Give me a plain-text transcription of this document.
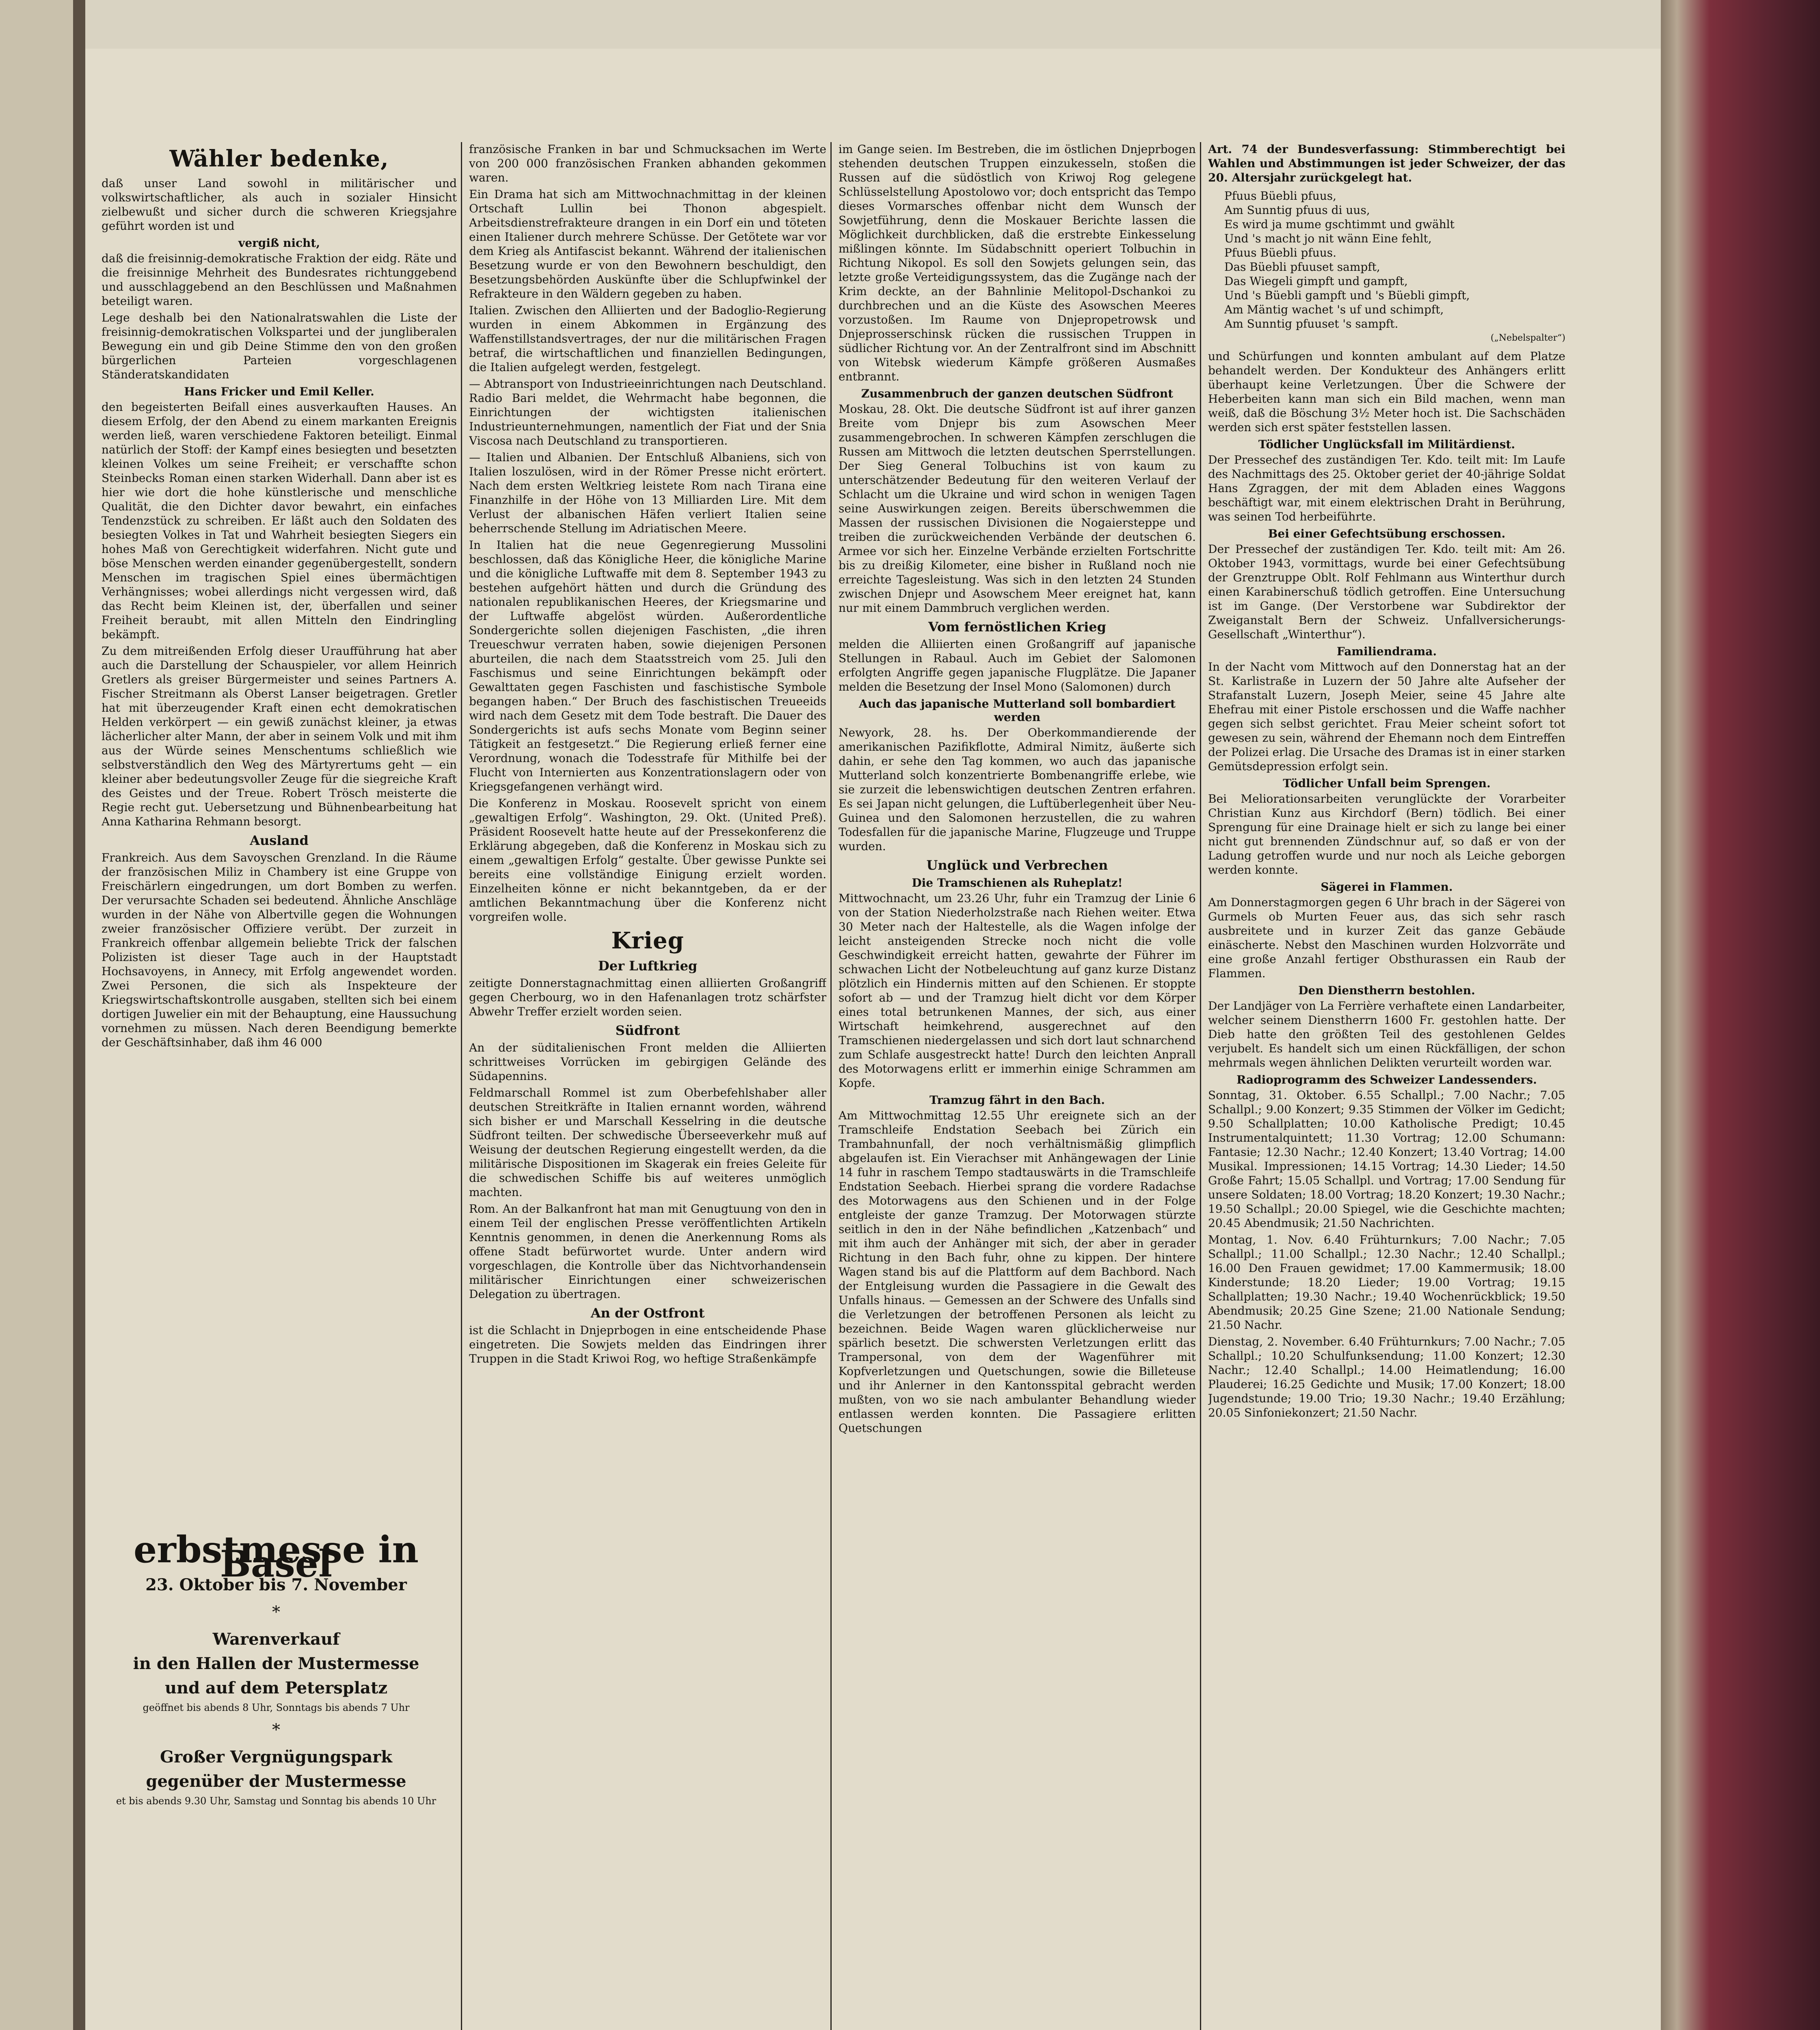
Wähler bedenke,

daß unser Land sowohl in militärischer und volkswirtschaftlicher, als auch in sozialer Hinsicht zielbewußt und sicher durch die schweren Kriegsjahre geführt worden ist und

vergiß nicht,

daß die freisinnig-demokratische Fraktion der eidg. Räte und die freisinnige Mehrheit des Bundesrates richtunggebend und ausschlaggebend an den Beschlüssen und Maßnahmen beteiligt waren.

Lege deshalb bei den Nationalratswahlen die Liste der freisinnig-demokratischen Volkspartei und der jungliberalen Bewegung ein und gib Deine Stimme den von den großen bürgerlichen Parteien vorgeschlagenen Ständeratskandidaten

Hans Fricker und Emil Keller.

den begeisterten Beifall eines ausverkauften Hauses. An diesem Erfolg, der den Abend zu einem markanten Ereignis werden ließ, waren verschiedene Faktoren beteiligt. Einmal natürlich der Stoff: der Kampf eines besiegten und besetzten kleinen Volkes um seine Freiheit; er verschaffte schon Steinbecks Roman einen starken Widerhall. Dann aber ist es hier wie dort die hohe künstlerische und menschliche Qualität, die den Dichter davor bewahrt, ein einfaches Tendenzstück zu schreiben. Er läßt auch den Soldaten des besiegten Volkes in Tat und Wahrheit besiegten Siegers ein hohes Maß von Gerechtigkeit widerfahren. Nicht gute und böse Menschen werden einander gegenübergestellt, sondern Menschen im tragischen Spiel eines übermächtigen Verhängnisses; wobei allerdings nicht vergessen wird, daß das Recht beim Kleinen ist, der, überfallen und seiner Freiheit beraubt, mit allen Mitteln den Eindringling bekämpft.

Zu dem mitreißenden Erfolg dieser Uraufführung hat aber auch die Darstellung der Schauspieler, vor allem Heinrich Gretlers als greiser Bürgermeister und seines Partners A. Fischer Streitmann als Oberst Lanser beigetragen. Gretler hat mit überzeugender Kraft einen echt demokratischen Helden verkörpert — ein gewiß zunächst kleiner, ja etwas lächerlicher alter Mann, der aber in seinem Volk und mit ihm aus der Würde seines Menschentums schließlich wie selbstverständlich den Weg des Märtyrertums geht — ein kleiner aber bedeutungsvoller Zeuge für die siegreiche Kraft des Geistes und der Treue. Robert Trösch meisterte die Regie recht gut. Uebersetzung und Bühnenbearbeitung hat Anna Katharina Rehmann besorgt.

Ausland

Frankreich. Aus dem Savoyschen Grenzland. In die Räume der französischen Miliz in Chambery ist eine Gruppe von Freischärlern eingedrungen, um dort Bomben zu werfen. Der verursachte Schaden sei bedeutend. Ähnliche Anschläge wurden in der Nähe von Albertville gegen die Wohnungen zweier französischer Offiziere verübt. Der zurzeit in Frankreich offenbar allgemein beliebte Trick der falschen Polizisten ist dieser Tage auch in der Hauptstadt Hochsavoyens, in Annecy, mit Erfolg angewendet worden. Zwei Personen, die sich als Inspekteure der Kriegswirtschaftskontrolle ausgaben, stellten sich bei einem dortigen Juwelier ein mit der Behauptung, eine Haussuchung vornehmen zu müssen. Nach deren Beendigung bemerkte der Geschäftsinhaber, daß ihm 46 000

erbstmesse in Basel

23. Oktober bis 7. November
*
Warenverkauf
in den Hallen der Mustermesse
und auf dem Petersplatz
geöffnet bis abends 8 Uhr, Sonntags bis abends 7 Uhr
*
Großer Vergnügungspark
gegenüber der Mustermesse
et bis abends 9.30 Uhr, Samstag und Sonntag bis abends 10 Uhr

französische Franken in bar und Schmucksachen im Werte von 200 000 französischen Franken abhanden gekommen waren.

Ein Drama hat sich am Mittwochnachmittag in der kleinen Ortschaft Lullin bei Thonon abgespielt. Arbeitsdienstrefrakteure drangen in ein Dorf ein und töteten einen Italiener durch mehrere Schüsse. Der Getötete war vor dem Krieg als Antifascist bekannt. Während der italienischen Besetzung wurde er von den Bewohnern beschuldigt, den Besetzungsbehörden Auskünfte über die Schlupfwinkel der Refrakteure in den Wäldern gegeben zu haben.

Italien. Zwischen den Alliierten und der Badoglio-Regierung wurden in einem Abkommen in Ergänzung des Waffenstillstandsvertrages, der nur die militärischen Fragen betraf, die wirtschaftlichen und finanziellen Bedingungen, die Italien aufgelegt werden, festgelegt.

— Abtransport von Industrieeinrichtungen nach Deutschland. Radio Bari meldet, die Wehrmacht habe begonnen, die Einrichtungen der wichtigsten italienischen Industrieunternehmungen, namentlich der Fiat und der Snia Viscosa nach Deutschland zu transportieren.

— Italien und Albanien. Der Entschluß Albaniens, sich von Italien loszulösen, wird in der Römer Presse nicht erörtert. Nach dem ersten Weltkrieg leistete Rom nach Tirana eine Finanzhilfe in der Höhe von 13 Milliarden Lire. Mit dem Verlust der albanischen Häfen verliert Italien seine beherrschende Stellung im Adriatischen Meere.

In Italien hat die neue Gegenregierung Mussolini beschlossen, daß das Königliche Heer, die königliche Marine und die königliche Luftwaffe mit dem 8. September 1943 zu bestehen aufgehört hätten und durch die Gründung des nationalen republikanischen Heeres, der Kriegsmarine und der Luftwaffe abgelöst würden. Außerordentliche Sondergerichte sollen diejenigen Faschisten, „die ihren Treueschwur verraten haben, sowie diejenigen Personen aburteilen, die nach dem Staatsstreich vom 25. Juli den Faschismus und seine Einrichtungen bekämpft oder Gewalttaten gegen Faschisten und faschistische Symbole begangen haben.“ Der Bruch des faschistischen Treueeids wird nach dem Gesetz mit dem Tode bestraft. Die Dauer des Sondergerichts ist aufs sechs Monate vom Beginn seiner Tätigkeit an festgesetzt.“ Die Regierung erließ ferner eine Verordnung, wonach die Todesstrafe für Mithilfe bei der Flucht von Internierten aus Konzentrationslagern oder von Kriegsgefangenen verhängt wird.

Die Konferenz in Moskau. Roosevelt spricht von einem „gewaltigen Erfolg“. Washington, 29. Okt. (United Preß). Präsident Roosevelt hatte heute auf der Pressekonferenz die Erklärung abgegeben, daß die Konferenz in Moskau sich zu einem „gewaltigen Erfolg“ gestalte. Über gewisse Punkte sei bereits eine vollständige Einigung erzielt worden. Einzelheiten könne er nicht bekanntgeben, da er der amtlichen Bekanntmachung über die Konferenz nicht vorgreifen wolle.

Krieg
Der Luftkrieg

zeitigte Donnerstagnachmittag einen alliierten Großangriff gegen Cherbourg, wo in den Hafenanlagen trotz schärfster Abwehr Treffer erzielt worden seien.

Südfront

An der süditalienischen Front melden die Alliierten schrittweises Vorrücken im gebirgigen Gelände des Südapennins.

Feldmarschall Rommel ist zum Oberbefehlshaber aller deutschen Streitkräfte in Italien ernannt worden, während sich bisher er und Marschall Kesselring in die deutsche Südfront teilten. Der schwedische Überseeverkehr muß auf Weisung der deutschen Regierung eingestellt werden, da die militärische Dispositionen im Skagerak ein freies Geleite für die schwedischen Schiffe bis auf weiteres unmöglich machten.

Rom. An der Balkanfront hat man mit Genugtuung von den in einem Teil der englischen Presse veröffentlichten Artikeln Kenntnis genommen, in denen die Anerkennung Roms als offene Stadt befürwortet wurde. Unter andern wird vorgeschlagen, die Kontrolle über das Nichtvorhandensein militärischer Einrichtungen einer schweizerischen Delegation zu übertragen.

An der Ostfront

ist die Schlacht in Dnjeprbogen in eine entscheidende Phase eingetreten. Die Sowjets melden das Eindringen ihrer Truppen in die Stadt Kriwoi Rog, wo heftige Straßenkämpfe

im Gange seien. Im Bestreben, die im östlichen Dnjeprbogen stehenden deutschen Truppen einzukesseln, stoßen die Russen auf die südöstlich von Kriwoj Rog gelegene Schlüsselstellung Apostolowo vor; doch entspricht das Tempo dieses Vormarsches offenbar nicht dem Wunsch der Sowjetführung, denn die Moskauer Berichte lassen die Möglichkeit durchblicken, daß die erstrebte Einkesselung mißlingen könnte. Im Südabschnitt operiert Tolbuchin in Richtung Nikopol. Es soll den Sowjets gelungen sein, das letzte große Verteidigungssystem, das die Zugänge nach der Krim deckte, an der Bahnlinie Melitopol-Dschankoi zu durchbrechen und an die Küste des Asowschen Meeres vorzustoßen. Im Raume von Dnjepropetrowsk und Dnjeprosserschinsk rücken die russischen Truppen in südlicher Richtung vor. An der Zentralfront sind im Abschnitt von Witebsk wiederum Kämpfe größeren Ausmaßes entbrannt.

Zusammenbruch der ganzen deutschen Südfront

Moskau, 28. Okt. Die deutsche Südfront ist auf ihrer ganzen Breite vom Dnjepr bis zum Asowschen Meer zusammengebrochen. In schweren Kämpfen zerschlugen die Russen am Mittwoch die letzten deutschen Sperrstellungen. Der Sieg General Tolbuchins ist von kaum zu unterschätzender Bedeutung für den weiteren Verlauf der Schlacht um die Ukraine und wird schon in wenigen Tagen seine Auswirkungen zeigen. Bereits überschwemmen die Massen der russischen Divisionen die Nogaiersteppe und treiben die zurückweichenden Verbände der deutschen 6. Armee vor sich her. Einzelne Verbände erzielten Fortschritte bis zu dreißig Kilometer, eine bisher in Rußland noch nie erreichte Tagesleistung. Was sich in den letzten 24 Stunden zwischen Dnjepr und Asowschem Meer ereignet hat, kann nur mit einem Dammbruch verglichen werden.

Vom fernöstlichen Krieg

melden die Alliierten einen Großangriff auf japanische Stellungen in Rabaul. Auch im Gebiet der Salomonen erfolgten Angriffe gegen japanische Flugplätze. Die Japaner melden die Besetzung der Insel Mono (Salomonen) durch

Auch das japanische Mutterland soll bombardiert werden

Newyork, 28. hs. Der Oberkommandierende der amerikanischen Pazifikflotte, Admiral Nimitz, äußerte sich dahin, er sehe den Tag kommen, wo auch das japanische Mutterland solch konzentrierte Bombenangriffe erlebe, wie sie zurzeit die lebenswichtigen deutschen Zentren erfahren. Es sei Japan nicht gelungen, die Luftüberlegenheit über Neu-Guinea und den Salomonen herzustellen, die zu wahren Todesfallen für die japanische Marine, Flugzeuge und Truppe wurden.

Unglück und Verbrechen
Die Tramschienen als Ruheplatz!

Mittwochnacht, um 23.26 Uhr, fuhr ein Tramzug der Linie 6 von der Station Niederholzstraße nach Riehen weiter. Etwa 30 Meter nach der Haltestelle, als die Wagen infolge der leicht ansteigenden Strecke noch nicht die volle Geschwindigkeit erreicht hatten, gewahrte der Führer im schwachen Licht der Notbeleuchtung auf ganz kurze Distanz plötzlich ein Hindernis mitten auf den Schienen. Er stoppte sofort ab — und der Tramzug hielt dicht vor dem Körper eines total betrunkenen Mannes, der sich, aus einer Wirtschaft heimkehrend, ausgerechnet auf den Tramschienen niedergelassen und sich dort laut schnarchend zum Schlafe ausgestreckt hatte! Durch den leichten Anprall des Motorwagens erlitt er immerhin einige Schrammen am Kopfe.

Tramzug fährt in den Bach.

Am Mittwochmittag 12.55 Uhr ereignete sich an der Tramschleife Endstation Seebach bei Zürich ein Trambahnunfall, der noch verhältnismäßig glimpflich abgelaufen ist. Ein Vierachser mit Anhängewagen der Linie 14 fuhr in raschem Tempo stadtauswärts in die Tramschleife Endstation Seebach. Hierbei sprang die vordere Radachse des Motorwagens aus den Schienen und in der Folge entgleiste der ganze Tramzug. Der Motorwagen stürzte seitlich in den in der Nähe befindlichen „Katzenbach“ und mit ihm auch der Anhänger mit sich, der aber in gerader Richtung in den Bach fuhr, ohne zu kippen. Der hintere Wagen stand bis auf die Plattform auf dem Bachbord. Nach der Entgleisung wurden die Passagiere in die Gewalt des Unfalls hinaus. — Gemessen an der Schwere des Unfalls sind die Verletzungen der betroffenen Personen als leicht zu bezeichnen. Beide Wagen waren glücklicherweise nur spärlich besetzt. Die schwersten Verletzungen erlitt das Trampersonal, von dem der Wagenführer mit Kopfverletzungen und Quetschungen, sowie die Billeteuse und ihr Anlerner in den Kantonsspital gebracht werden mußten, von wo sie nach ambulanter Behandlung wieder entlassen werden konnten. Die Passagiere erlitten Quetschungen

Art. 74 der Bundesverfassung: Stimmberechtigt bei Wahlen und Abstimmungen ist jeder Schweizer, der das 20. Altersjahr zurückgelegt hat.

Pfuus Büebli pfuus,

Am Sunntig pfuus di uus,

Es wird ja mume gschtimmt und gwählt

Und 's macht jo nit wänn Eine fehlt,

Pfuus Büebli pfuus.

Das Büebli pfuuset sampft,

Das Wiegeli gimpft und gampft,

Und 's Büebli gampft und 's Büebli gimpft,

Am Mäntig wachet 's uf und schimpft,

Am Sunntig pfuuset 's sampft.

(„Nebelspalter“)

und Schürfungen und konnten ambulant auf dem Platze behandelt werden. Der Kondukteur des Anhängers erlitt überhaupt keine Verletzungen. Über die Schwere der Heberbeiten kann man sich ein Bild machen, wenn man weiß, daß die Böschung 3½ Meter hoch ist. Die Sachschäden werden sich erst später feststellen lassen.

Tödlicher Unglücksfall im Militärdienst.

Der Pressechef des zuständigen Ter. Kdo. teilt mit: Im Laufe des Nachmittags des 25. Oktober geriet der 40-jährige Soldat Hans Zgraggen, der mit dem Abladen eines Waggons beschäftigt war, mit einem elektrischen Draht in Berührung, was seinen Tod herbeiführte.

Bei einer Gefechtsübung erschossen.

Der Pressechef der zuständigen Ter. Kdo. teilt mit: Am 26. Oktober 1943, vormittags, wurde bei einer Gefechtsübung der Grenztruppe Oblt. Rolf Fehlmann aus Winterthur durch einen Karabinerschuß tödlich getroffen. Eine Untersuchung ist im Gange. (Der Verstorbene war Subdirektor der Zweiganstalt Bern der Schweiz. Unfallversicherungs-Gesellschaft „Winterthur“).

Familiendrama.

In der Nacht vom Mittwoch auf den Donnerstag hat an der St. Karlistraße in Luzern der 50 Jahre alte Aufseher der Strafanstalt Luzern, Joseph Meier, seine 45 Jahre alte Ehefrau mit einer Pistole erschossen und die Waffe nachher gegen sich selbst gerichtet. Frau Meier scheint sofort tot gewesen zu sein, während der Ehemann noch dem Eintreffen der Polizei erlag. Die Ursache des Dramas ist in einer starken Gemütsdepression erfolgt sein.

Tödlicher Unfall beim Sprengen.

Bei Meliorationsarbeiten verunglückte der Vorarbeiter Christian Kunz aus Kirchdorf (Bern) tödlich. Bei einer Sprengung für eine Drainage hielt er sich zu lange bei einer nicht gut brennenden Zündschnur auf, so daß er von der Ladung getroffen wurde und nur noch als Leiche geborgen werden konnte.

Sägerei in Flammen.

Am Donnerstagmorgen gegen 6 Uhr brach in der Sägerei von Gurmels ob Murten Feuer aus, das sich sehr rasch ausbreitete und in kurzer Zeit das ganze Gebäude einäscherte. Nebst den Maschinen wurden Holzvorräte und eine große Anzahl fertiger Obsthurassen ein Raub der Flammen.

Den Dienstherrn bestohlen.

Der Landjäger von La Ferrière verhaftete einen Landarbeiter, welcher seinem Dienstherrn 1600 Fr. gestohlen hatte. Der Dieb hatte den größten Teil des gestohlenen Geldes verjubelt. Es handelt sich um einen Rückfälligen, der schon mehrmals wegen ähnlichen Delikten verurteilt worden war.

Radioprogramm des Schweizer Landessenders.

Sonntag, 31. Oktober. 6.55 Schallpl.; 7.00 Nachr.; 7.05 Schallpl.; 9.00 Konzert; 9.35 Stimmen der Völker im Gedicht; 9.50 Schallplatten; 10.00 Katholische Predigt; 10.45 Instrumentalquintett; 11.30 Vortrag; 12.00 Schumann: Fantasie; 12.30 Nachr.; 12.40 Konzert; 13.40 Vortrag; 14.00 Musikal. Impressionen; 14.15 Vortrag; 14.30 Lieder; 14.50 Große Fahrt; 15.05 Schallpl. und Vortrag; 17.00 Sendung für unsere Soldaten; 18.00 Vortrag; 18.20 Konzert; 19.30 Nachr.; 19.50 Schallpl.; 20.00 Spiegel, wie die Geschichte machten; 20.45 Abendmusik; 21.50 Nachrichten.

Montag, 1. Nov. 6.40 Frühturnkurs; 7.00 Nachr.; 7.05 Schallpl.; 11.00 Schallpl.; 12.30 Nachr.; 12.40 Schallpl.; 16.00 Den Frauen gewidmet; 17.00 Kammermusik; 18.00 Kinderstunde; 18.20 Lieder; 19.00 Vortrag; 19.15 Schallplatten; 19.30 Nachr.; 19.40 Wochenrückblick; 19.50 Abendmusik; 20.25 Gine Szene; 21.00 Nationale Sendung; 21.50 Nachr.

Dienstag, 2. November. 6.40 Frühturnkurs; 7.00 Nachr.; 7.05 Schallpl.; 10.20 Schulfunksendung; 11.00 Konzert; 12.30 Nachr.; 12.40 Schallpl.; 14.00 Heimatlendung; 16.00 Plauderei; 16.25 Gedichte und Musik; 17.00 Konzert; 18.00 Jugendstunde; 19.00 Trio; 19.30 Nachr.; 19.40 Erzählung; 20.05 Sinfoniekonzert; 21.50 Nachr.
